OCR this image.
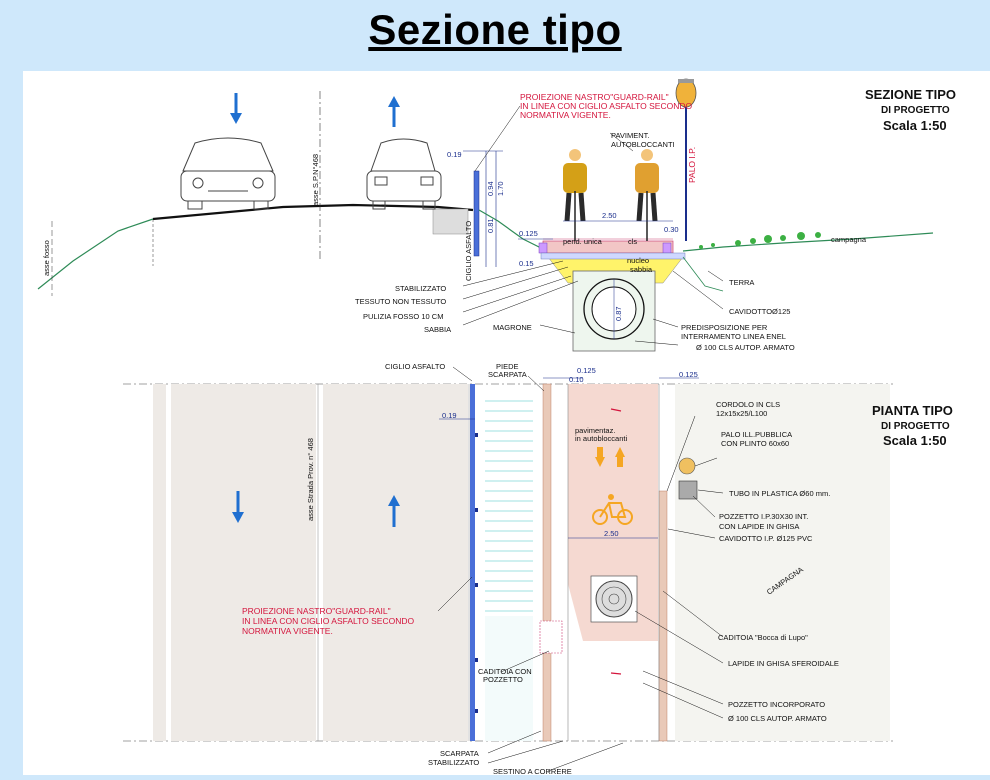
Sezione tipo
SEZIONE TIPO
DI PROGETTO
Scala 1:50
PROIEZIONE NASTRO"GUARD-RAIL"
IN LINEA CON CIGLIO ASFALTO SECONDO
NORMATIVA VIGENTE.
PAVIMENT.
AUTOBLOCCANTI
PALO I.P.
asse S.P.N°468
asse fosso	CIGLIO ASFALTO
0.19
0.94 1.70
0.81
0.125
2.50
0.30
0.15
0.87
pend. unica	cls
nucleo
sabbia
campagna
STABILIZZATO
TESSUTO NON TESSUTO
PULIZIA FOSSO 10 CM
SABBIA	MAGRONE
TERRA
CAVIDOTTOØ125
PREDISPOSIZIONE PER
INTERRAMENTO LINEA ENEL
Ø 100 CLS AUTOP. ARMATO
PIANTA TIPO
DI PROGETTO
Scala 1:50
CIGLIO ASFALTO	PIEDE
SCARPATA	0.125
0.10
0.125
0.19
2.50
asse Strada Prov. n° 468
pavimentaz.
in autobloccanti
PROIEZIONE NASTRO"GUARD-RAIL"
IN LINEA CON CIGLIO ASFALTO SECONDO
NORMATIVA VIGENTE.
CORDOLO IN CLS
12x15x25/L100
PALO ILL.PUBBLICA
CON PLINTO 60x60
TUBO IN PLASTICA Ø60 mm.
POZZETTO I.P.30X30 INT.
CON LAPIDE IN GHISA
CAVIDOTTO I.P. Ø125 PVC
CADITOIA "Bocca di Lupo"
LAPIDE IN GHISA SFEROIDALE
POZZETTO INCORPORATO
Ø 100 CLS AUTOP. ARMATO
CAMPAGNA
CADITOIA CON
POZZETTO
SCARPATA
STABILIZZATO
SESTINO A CORRERE
